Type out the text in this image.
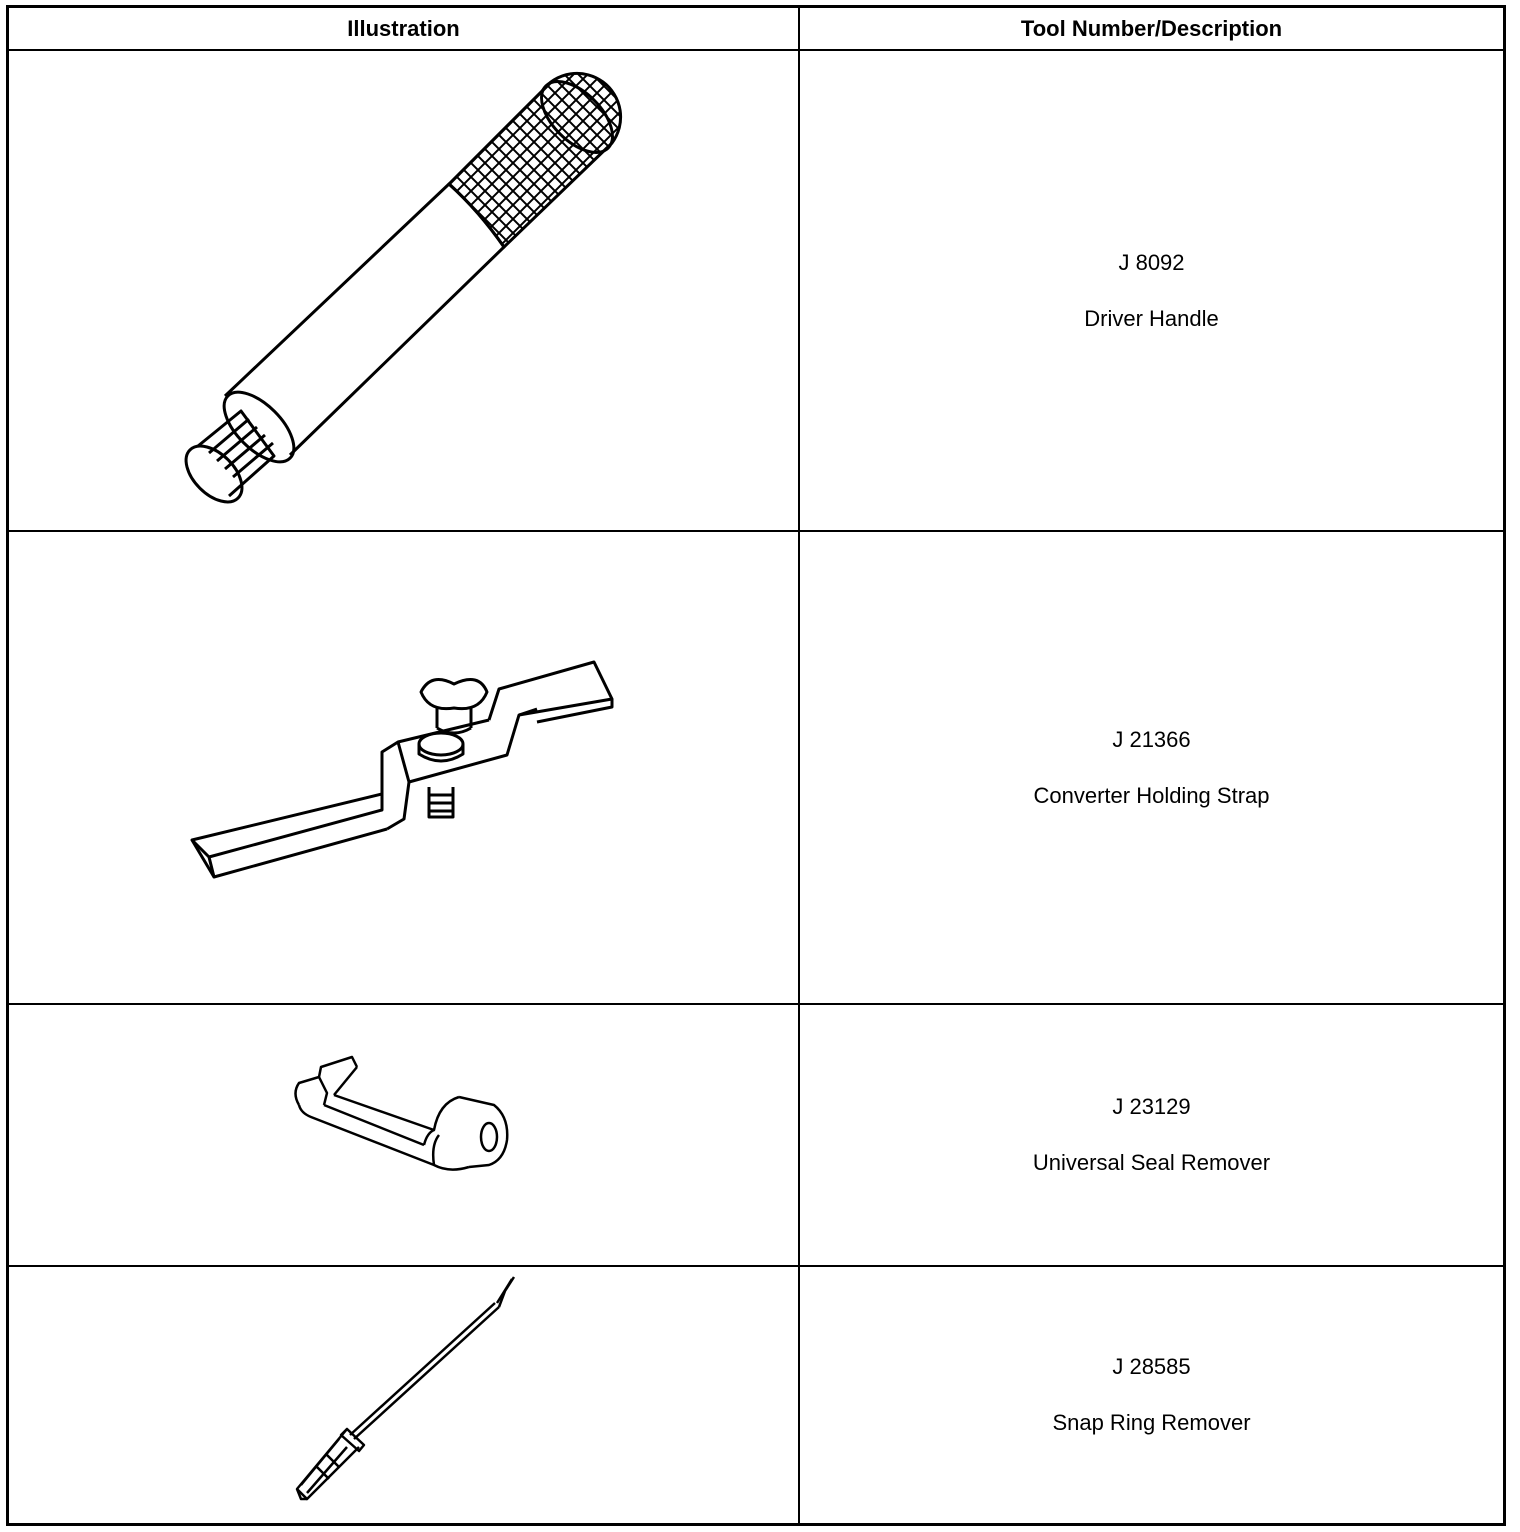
Illustration	Tool Number/Description
J 8092
Driver Handle
J 21366
Converter Holding Strap
J 23129
Universal Seal Remover
J 28585
Snap Ring Remover
